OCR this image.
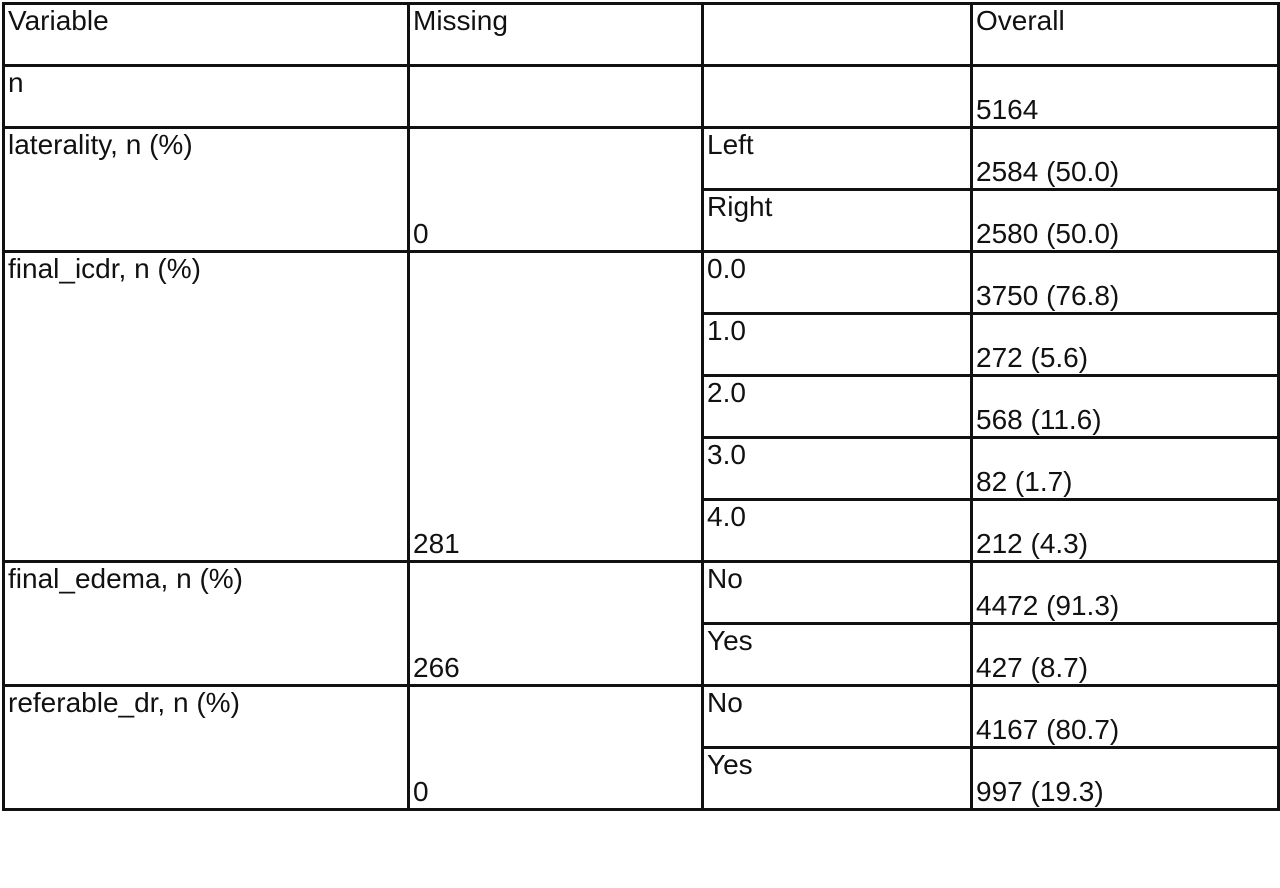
Variable	Missing		Overall
n			5164
laterality, n (%)	0	Left	2584 (50.0)
		Right	2580 (50.0)
final_icdr, n (%)	281	0.0	3750 (76.8)
		1.0	272 (5.6)
		2.0	568 (11.6)
		3.0	82 (1.7)
		4.0	212 (4.3)
final_edema, n (%)	266	No	4472 (91.3)
		Yes	427 (8.7)
referable_dr, n (%)	0	No	4167 (80.7)
		Yes	997 (19.3)
